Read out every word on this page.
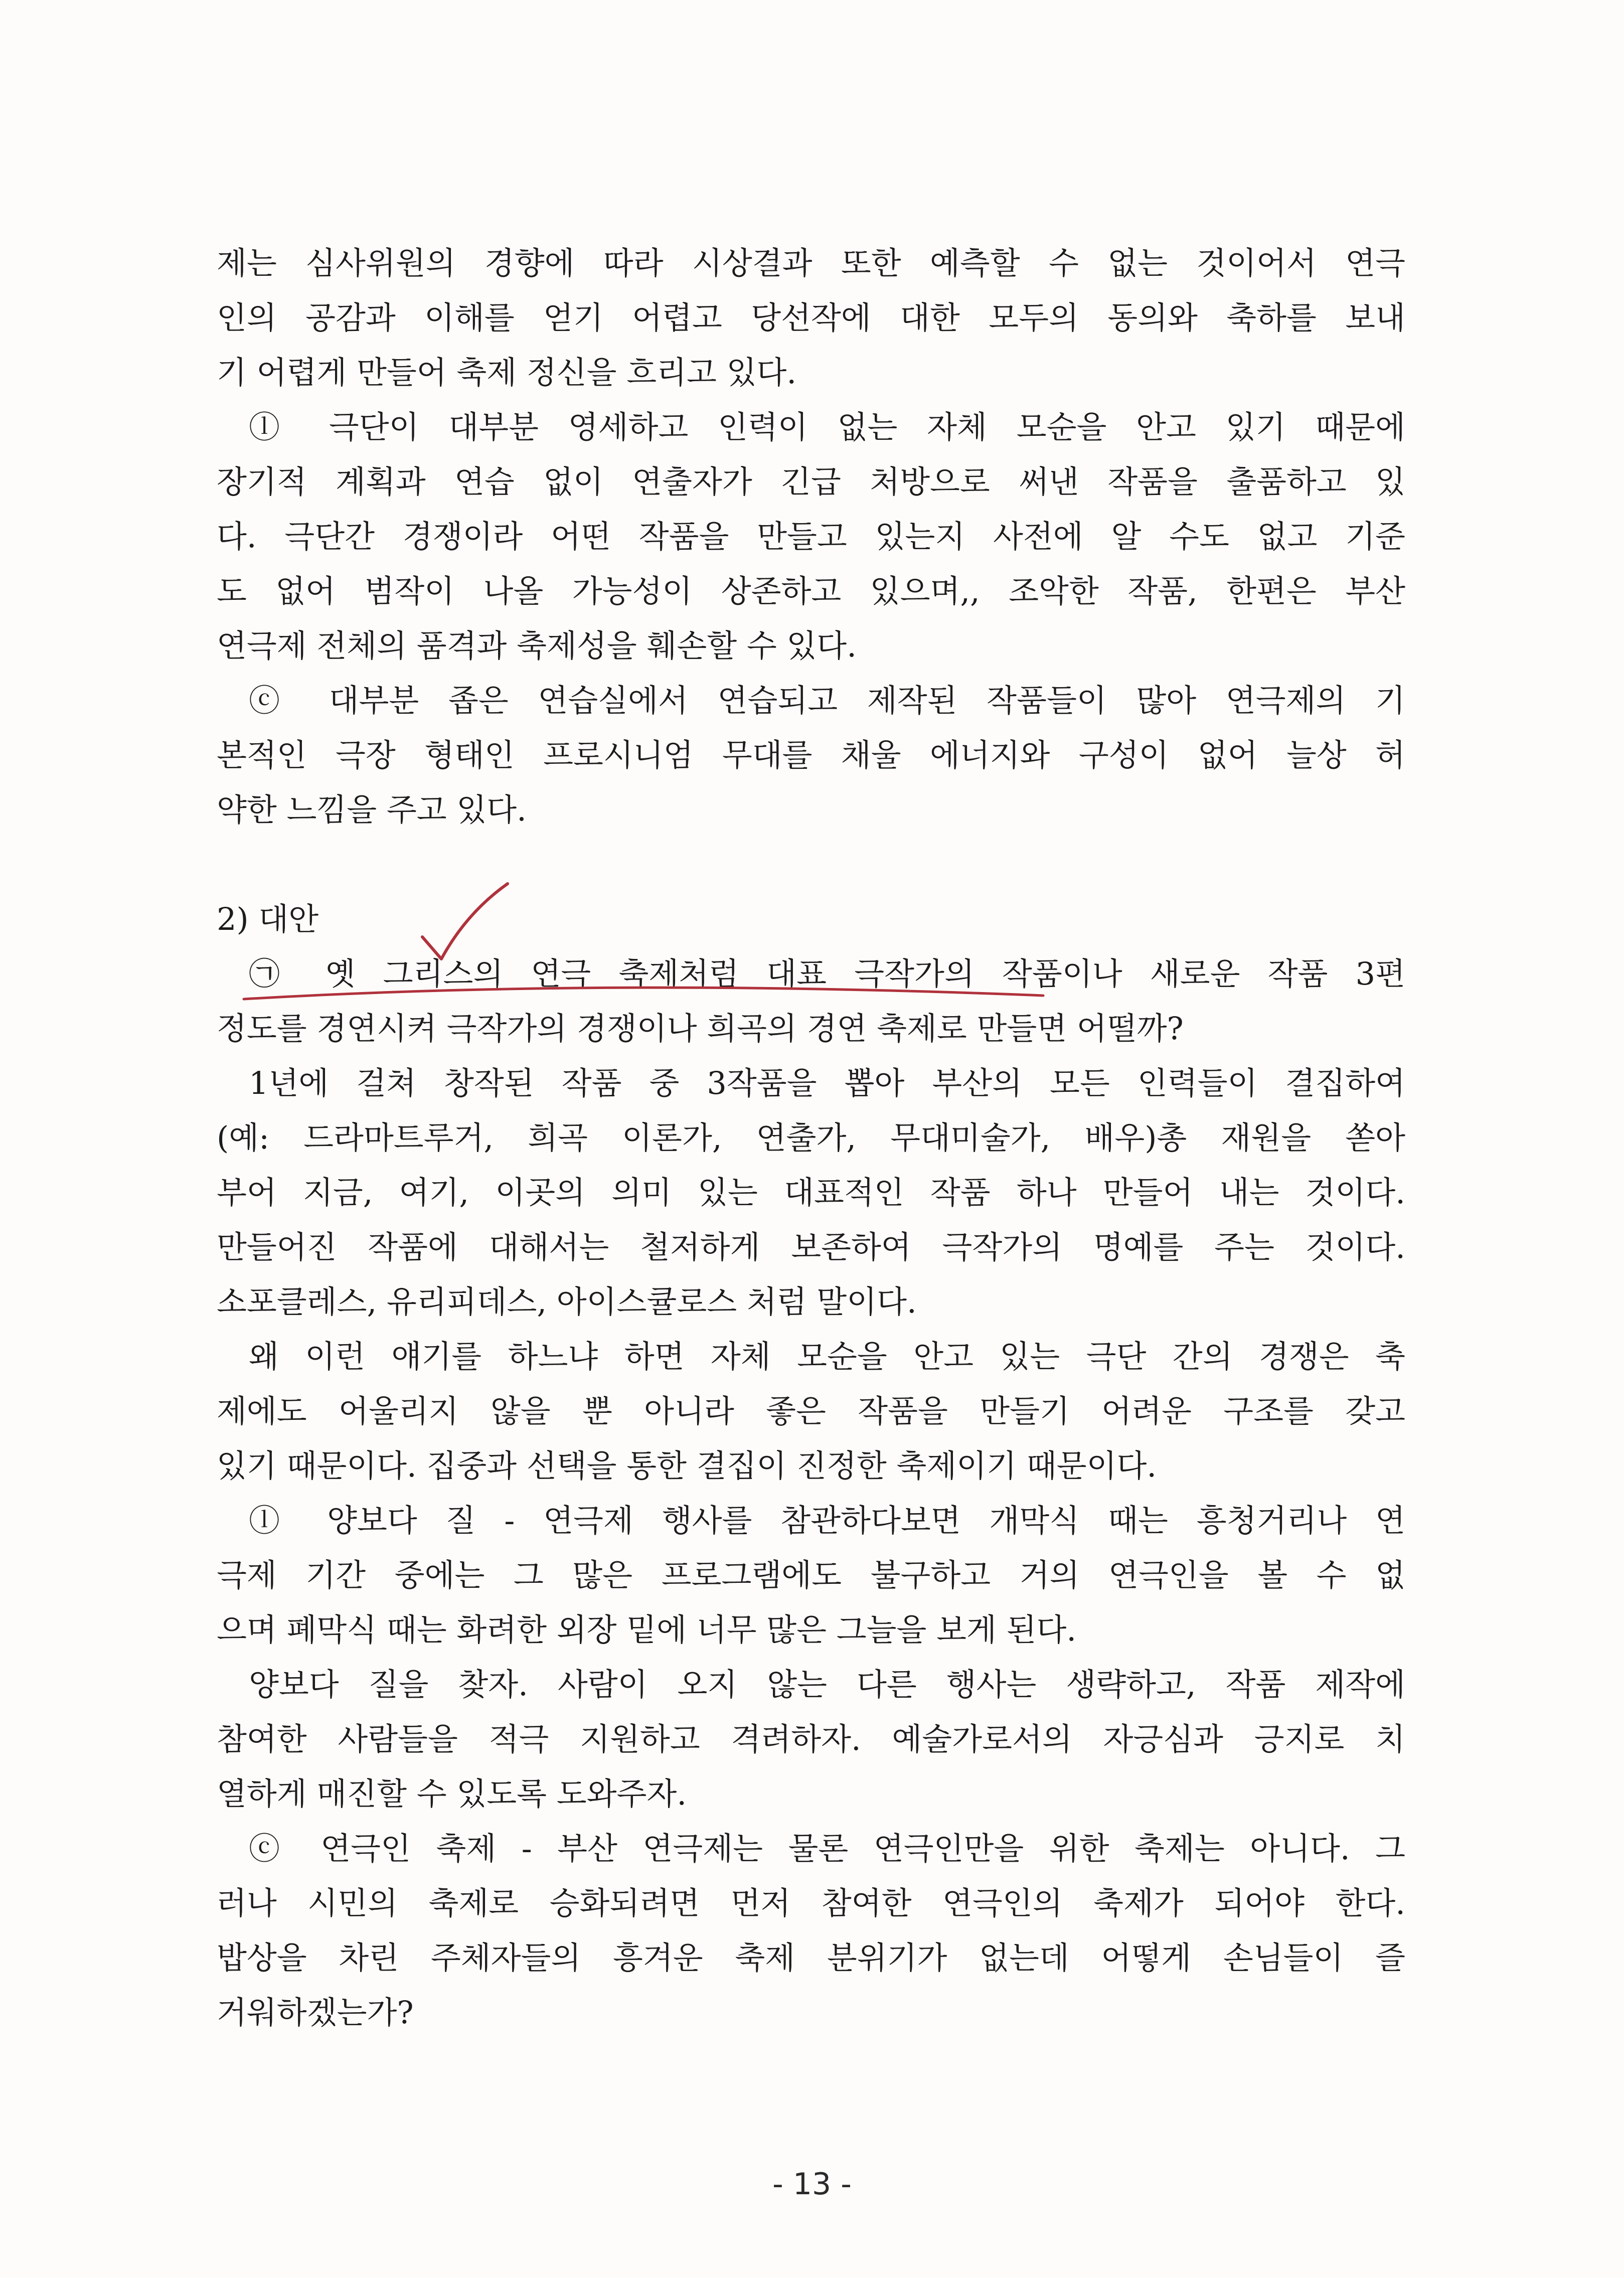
제는 심사위원의 경향에 따라 시상결과 또한 예측할 수 없는 것이어서 연극
인의 공감과 이해를 얻기 어렵고 당선작에 대한 모두의 동의와 축하를 보내
기 어렵게 만들어 축제 정신을 흐리고 있다.
ⓛ 극단이 대부분 영세하고 인력이 없는 자체 모순을 안고 있기 때문에
장기적 계획과 연습 없이 연출자가 긴급 처방으로 써낸 작품을 출품하고 있
다. 극단간 경쟁이라 어떤 작품을 만들고 있는지 사전에 알 수도 없고 기준
도 없어 범작이 나올 가능성이 상존하고 있으며,, 조악한 작품, 한편은 부산
연극제 전체의 품격과 축제성을 훼손할 수 있다.
ⓒ 대부분 좁은 연습실에서 연습되고 제작된 작품들이 많아 연극제의 기
본적인 극장 형태인 프로시니엄 무대를 채울 에너지와 구성이 없어 늘상 허
약한 느낌을 주고 있다.
2) 대안
㉠ 옛 그리스의 연극 축제처럼 대표 극작가의 작품이나 새로운 작품 3편
정도를 경연시켜 극작가의 경쟁이나 희곡의 경연 축제로 만들면 어떨까?
1년에 걸쳐 창작된 작품 중 3작품을 뽑아 부산의 모든 인력들이 결집하여
(예: 드라마트루거, 희곡 이론가, 연출가, 무대미술가, 배우)총 재원을 쏟아
부어 지금, 여기, 이곳의 의미 있는 대표적인 작품 하나 만들어 내는 것이다.
만들어진 작품에 대해서는 철저하게 보존하여 극작가의 명예를 주는 것이다.
소포클레스, 유리피데스, 아이스큘로스 처럼 말이다.
왜 이런 얘기를 하느냐 하면 자체 모순을 안고 있는 극단 간의 경쟁은 축
제에도 어울리지 않을 뿐 아니라 좋은 작품을 만들기 어려운 구조를 갖고
있기 때문이다. 집중과 선택을 통한 결집이 진정한 축제이기 때문이다.
ⓛ 양보다 질 - 연극제 행사를 참관하다보면 개막식 때는 흥청거리나 연
극제 기간 중에는 그 많은 프로그램에도 불구하고 거의 연극인을 볼 수 없
으며 폐막식 때는 화려한 외장 밑에 너무 많은 그늘을 보게 된다.
양보다 질을 찾자. 사람이 오지 않는 다른 행사는 생략하고, 작품 제작에
참여한 사람들을 적극 지원하고 격려하자. 예술가로서의 자긍심과 긍지로 치
열하게 매진할 수 있도록 도와주자.
ⓒ 연극인 축제 - 부산 연극제는 물론 연극인만을 위한 축제는 아니다. 그
러나 시민의 축제로 승화되려면 먼저 참여한 연극인의 축제가 되어야 한다.
밥상을 차린 주체자들의 흥겨운 축제 분위기가 없는데 어떻게 손님들이 즐
거워하겠는가?
- 13 -
